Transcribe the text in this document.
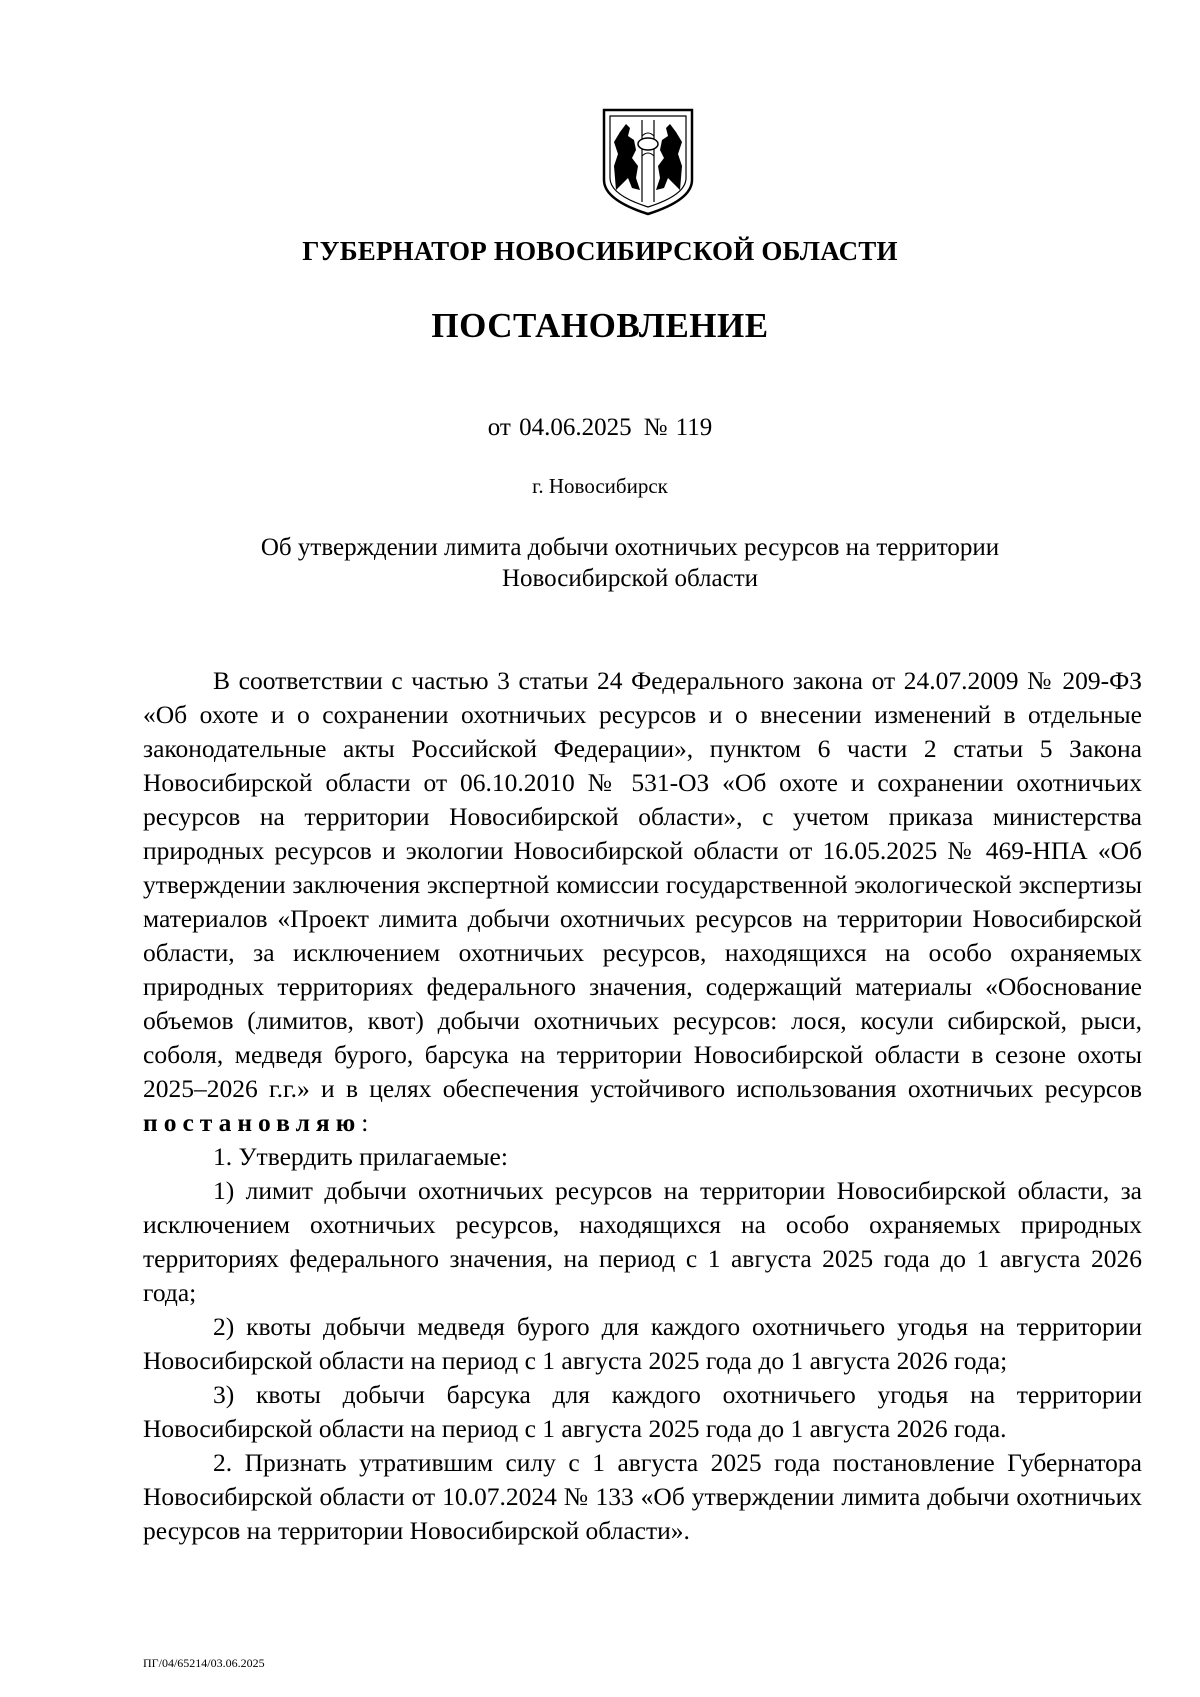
ГУБЕРНАТОР НОВОСИБИРСКОЙ ОБЛАСТИ
ПОСТАНОВЛЕНИЕ
от 04.06.2025 № 119
г. Новосибирск
Об утверждении лимита добычи охотничьих ресурсов на территории
Новосибирской области

В соответствии с частью 3 статьи 24 Федерального закона от 24.07.2009 № 209-ФЗ «Об охоте и о сохранении охотничьих ресурсов и о внесении изменений в отдельные законодательные акты Российской Федерации», пунктом 6 части 2 статьи 5 Закона Новосибирской области от 06.10.2010 № 531-ОЗ «Об охоте и сохранении охотничьих ресурсов на территории Новосибирской области», с учетом приказа министерства природных ресурсов и экологии Новосибирской области от 16.05.2025 № 469-НПА «Об утверждении заключения экспертной комиссии государственной экологической экспертизы материалов «Проект лимита добычи охотничьих ресурсов на территории Новосибирской области, за исключением охотничьих ресурсов, находящихся на особо охраняемых природных территориях федерального значения, содержащий материалы «Обоснование объемов (лимитов, квот) добычи охотничьих ресурсов: лося, косули сибирской, рыси, соболя, медведя бурого, барсука на территории Новосибирской области в сезоне охоты 2025–2026 г.г.» и в целях обеспечения устойчивого использования охотничьих ресурсов постановляю:

1. Утвердить прилагаемые:

1) лимит добычи охотничьих ресурсов на территории Новосибирской области, за исключением охотничьих ресурсов, находящихся на особо охраняемых природных территориях федерального значения, на период с 1 августа 2025 года до 1 августа 2026 года;

2) квоты добычи медведя бурого для каждого охотничьего угодья на территории Новосибирской области на период с 1 августа 2025 года до 1 августа 2026 года;

3) квоты добычи барсука для каждого охотничьего угодья на территории Новосибирской области на период с 1 августа 2025 года до 1 августа 2026 года.

2. Признать утратившим силу с 1 августа 2025 года постановление Губернатора Новосибирской области от 10.07.2024 № 133 «Об утверждении лимита добычи охотничьих ресурсов на территории Новосибирской области».

ПГ/04/65214/03.06.2025
